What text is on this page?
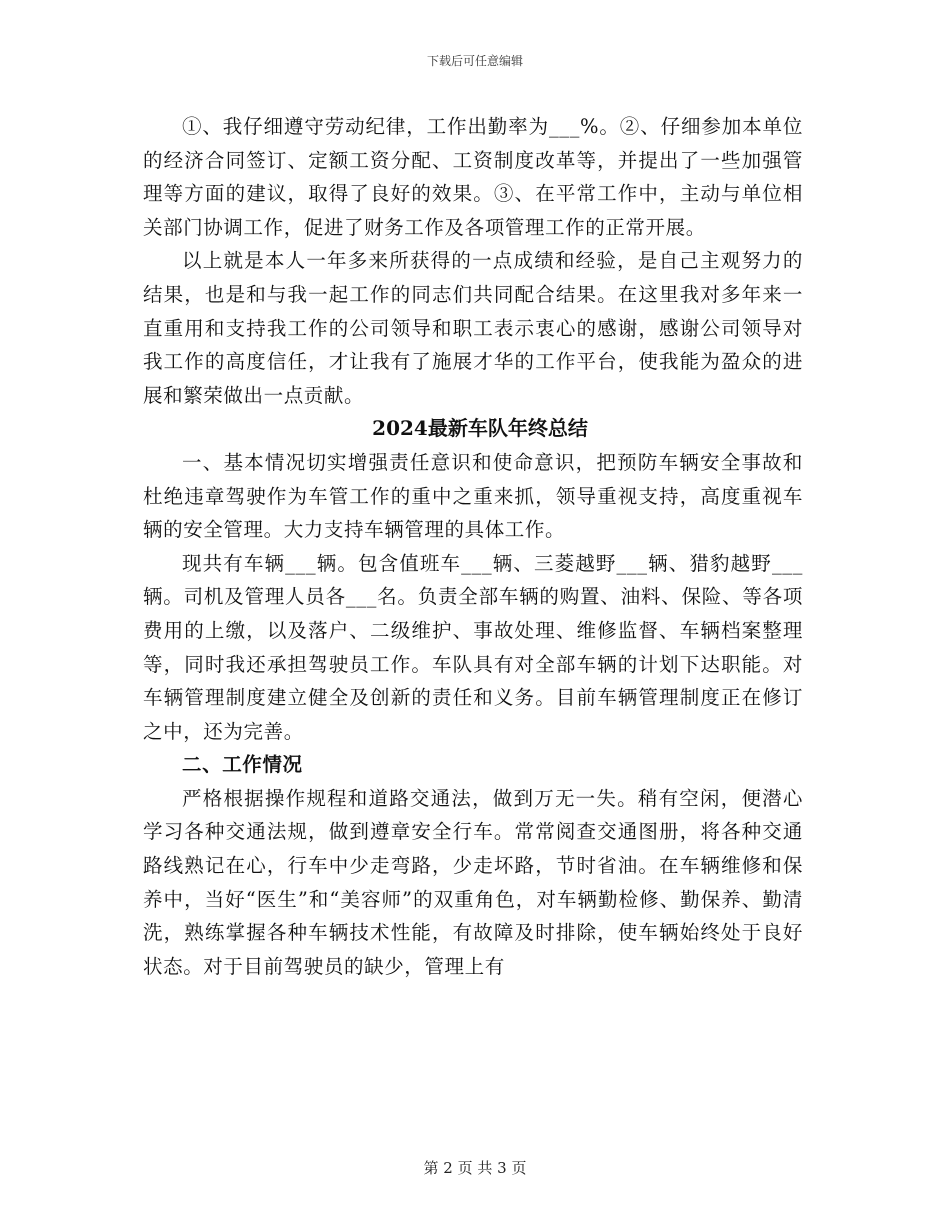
下载后可任意编辑

①、我仔细遵守劳动纪律，工作出勤率为___%。②、仔细参加本单位的经济合同签订、定额工资分配、工资制度改革等，并提出了一些加强管理等方面的建议，取得了良好的效果。③、在平常工作中，主动与单位相关部门协调工作，促进了财务工作及各项管理工作的正常开展。

以上就是本人一年多来所获得的一点成绩和经验，是自己主观努力的结果，也是和与我一起工作的同志们共同配合结果。在这里我对多年来一直重用和支持我工作的公司领导和职工表示衷心的感谢，感谢公司领导对我工作的高度信任，才让我有了施展才华的工作平台，使我能为盈众的进展和繁荣做出一点贡献。

2024最新车队年终总结

一、基本情况切实增强责任意识和使命意识，把预防车辆安全事故和杜绝违章驾驶作为车管工作的重中之重来抓，领导重视支持，高度重视车辆的安全管理。大力支持车辆管理的具体工作。

现共有车辆___辆。包含值班车___辆、三菱越野___辆、猎豹越野___辆。司机及管理人员各___名。负责全部车辆的购置、油料、保险、等各项费用的上缴，以及落户、二级维护、事故处理、维修监督、车辆档案整理等，同时我还承担驾驶员工作。车队具有对全部车辆的计划下达职能。对车辆管理制度建立健全及创新的责任和义务。目前车辆管理制度正在修订之中，还为完善。

二、工作情况

严格根据操作规程和道路交通法，做到万无一失。稍有空闲，便潜心学习各种交通法规，做到遵章安全行车。常常阅查交通图册，将各种交通路线熟记在心，行车中少走弯路，少走坏路，节时省油。在车辆维修和保养中，当好“医生”和“美容师”的双重角色，对车辆勤检修、勤保养、勤清洗，熟练掌握各种车辆技术性能，有故障及时排除，使车辆始终处于良好状态。对于目前驾驶员的缺少，管理上有

第 2 页 共 3 页
